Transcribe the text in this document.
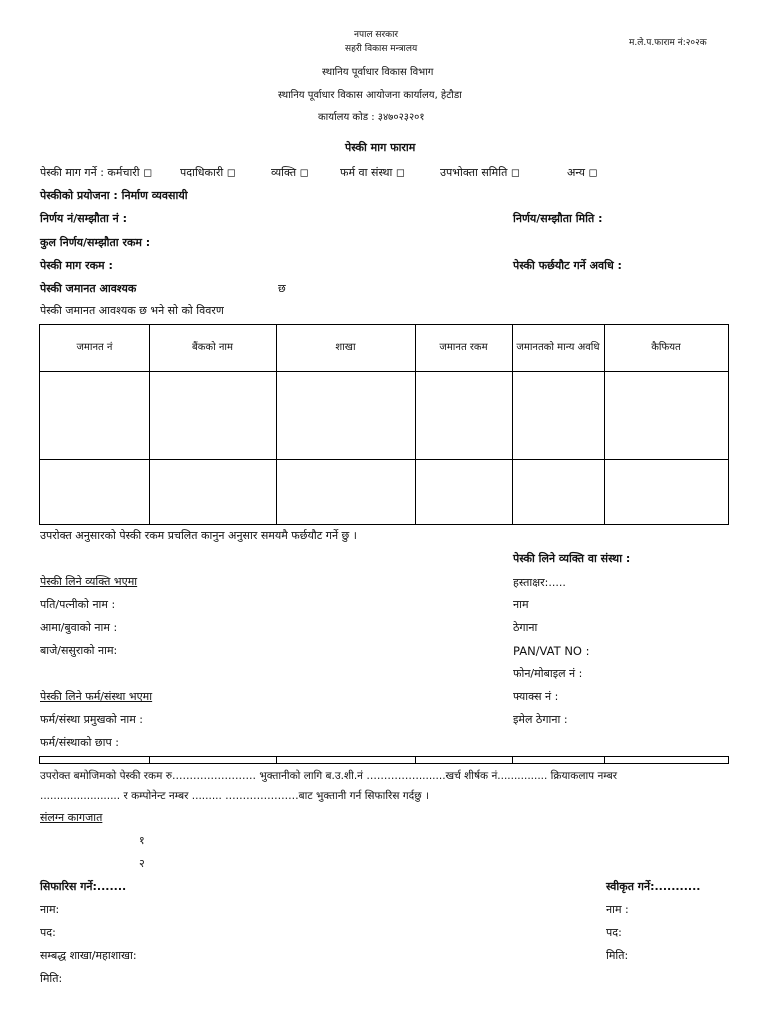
नपाल सरकार
सहरी विकास मन्त्रालय
म.ले.प.फाराम नं:२०२क
स्थानिय पूर्वाधार विकास विभाग
स्थानिय पूर्वाधार विकास आयोजना कार्यालय, हेटौडा
कार्यालय कोड : ३४७०२३२०१
पेस्की माग फाराम
पेस्की माग गर्ने : कर्मचारी ◻	पदाधिकारी ◻	व्यक्ति ◻	फर्म वा संस्था ◻	उपभोक्ता समिति ◻	अन्य ◻
पेस्कीको प्रयोजना : निर्माण व्यवसायी
निर्णय नं/सम्झौता नं :	निर्णय/सम्झौता मिति :
कुल निर्णय/सम्झौता रकम :
पेस्की माग रकम :	पेस्की फर्छयौट गर्ने अवधि :
पेस्की जमानत आवश्यक	छ
पेस्की जमानत आवश्यक छ भने सो को विवरण
जमानत नं	बैंकको नाम	शाखा	जमानत रकम	जमानतको मान्य अवधि	कैफियत
उपरोक्त अनुसारको पेस्की रकम प्रचलित कानुन अनुसार समयमै फर्छयौट गर्ने छु ।
पेस्की लिने व्यक्ति वा संस्था :
हस्ताक्षर:.....
नाम
ठेगाना
PAN/VAT NO :
फोन/मोबाइल नं :
फ्याक्स नं :
इमेल ठेगाना :
पेस्की लिने व्यक्ति भएमा
पति/पत्नीको नाम :
आमा/बुवाको नाम :
बाजे/ससुराको नाम:
पेस्की लिने फर्म/संस्था भएमा
फर्म/संस्था प्रमुखको नाम :
फर्म/संस्थाको छाप :
उपरोक्त बमोजिमको पेस्की रकम रु…………………… भुक्तानीको लागि ब.उ.शी.नं ……………........खर्च शीर्षक नं............... क्रियाकलाप नम्बर
........................ र कम्पोनेन्ट नम्बर ......... …………………बाट भुक्तानी गर्न सिफारिस गर्दछु ।
संलग्न कागजात
१
२
सिफारिस गर्ने:.......
नाम:
पद:
सम्बद्ध शाखा/महाशाखा:
मिति:
स्वीकृत गर्ने:...........
नाम :
पद:
मिति:
